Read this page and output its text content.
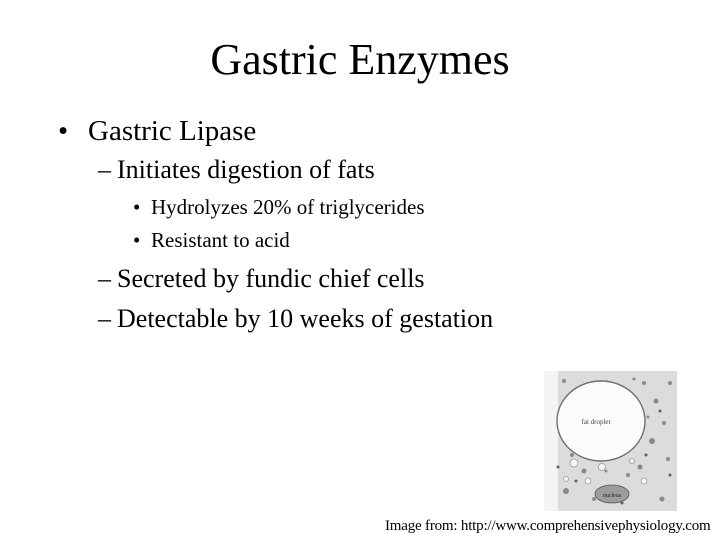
Gastric Enzymes
• Gastric Lipase
– Initiates digestion of fats
• Hydrolyzes 20% of triglycerides
• Resistant to acid
– Secreted by fundic chief cells
– Detectable by 10 weeks of gestation
fat droplet
nucleus
Image from: http://www.comprehensivephysiology.com
